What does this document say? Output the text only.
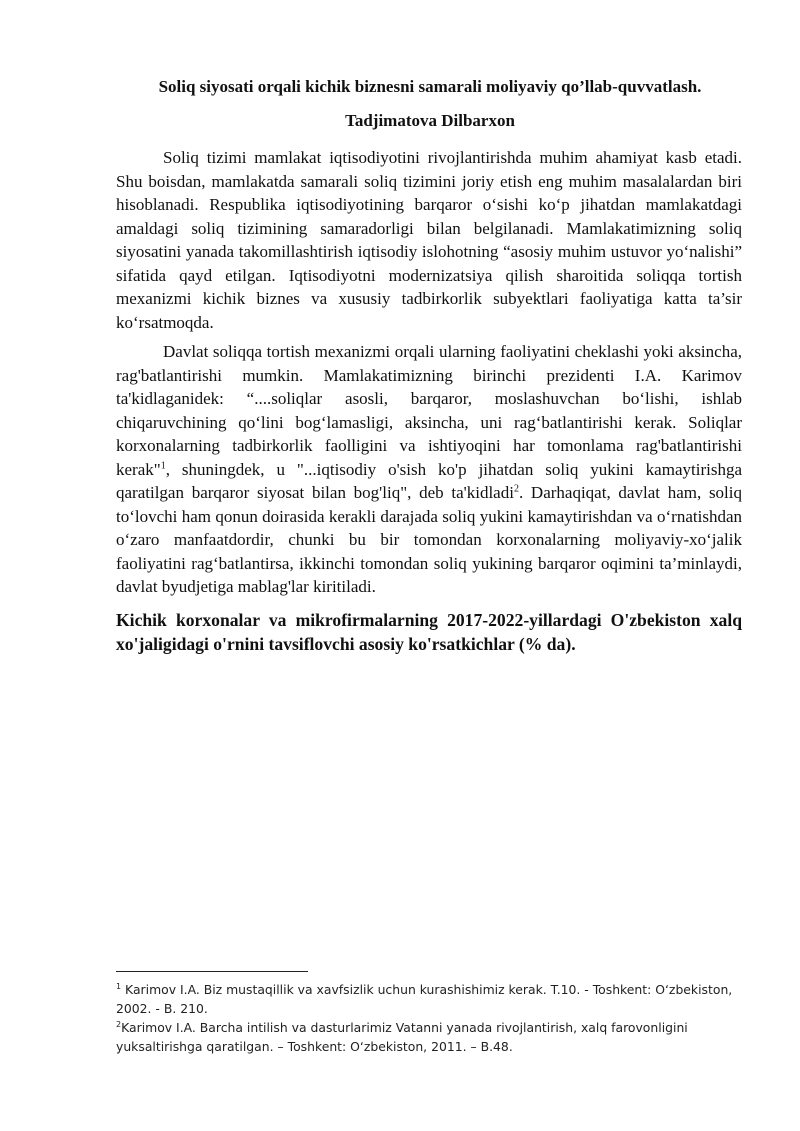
Soliq siyosati orqali kichik biznesni samarali moliyaviy qo’llab-quvvatlash.

Tadjimatova Dilbarxon

Soliq tizimi mamlakat iqtisodiyotini rivojlantirishda muhim ahamiyat kasb etadi. Shu boisdan, mamlakatda samarali soliq tizimini joriy etish eng muhim masalalardan biri hisoblanadi. Respublika iqtisodiyotining barqaror o‘sishi ko‘p jihatdan mamlakatdagi amaldagi soliq tizimining samaradorligi bilan belgilanadi. Mamlakatimizning soliq siyosatini yanada takomillashtirish iqtisodiy islohotning “asosiy muhim ustuvor yo‘nalishi” sifatida qayd etilgan. Iqtisodiyotni modernizatsiya qilish sharoitida soliqqa tortish mexanizmi kichik biznes va xususiy tadbirkorlik subyektlari faoliyatiga katta ta’sir ko‘rsatmoqda.

Davlat soliqqa tortish mexanizmi orqali ularning faoliyatini cheklashi yoki aksincha, rag'batlantirishi mumkin. Mamlakatimizning birinchi prezidenti I.A. Karimov ta'kidlaganidek: “....soliqlar asosli, barqaror, moslashuvchan bo‘lishi, ishlab chiqaruvchining qo‘lini bog‘lamasligi, aksincha, uni rag‘batlantirishi kerak. Soliqlar korxonalarning tadbirkorlik faolligini va ishtiyoqini har tomonlama rag'batlantirishi kerak"$^1$, shuningdek, u "...iqtisodiy o'sish ko'p jihatdan soliq yukini kamaytirishga qaratilgan barqaror siyosat bilan bog'liq", deb ta'kidladi$^2$. Darhaqiqat, davlat ham, soliq to‘lovchi ham qonun doirasida kerakli darajada soliq yukini kamaytirishdan va o‘rnatishdan o‘zaro manfaatdordir, chunki bu bir tomondan korxonalarning moliyaviy-xo‘jalik faoliyatini rag‘batlantirsa, ikkinchi tomondan soliq yukining barqaror oqimini ta’minlaydi, davlat byudjetiga mablag'lar kiritiladi.

Kichik korxonalar va mikrofirmalarning 2017-2022-yillardagi O'zbekiston xalq xo'jaligidagi o'rnini tavsiflovchi asosiy ko'rsatkichlar (% da).

$^1$ Karimov I.A. Biz mustaqillik va xavfsizlik uchun kurashishimiz kerak. T.10. - Toshkent: O‘zbekiston, 2002. - B. 210.

$^2$Karimov I.A. Barcha intilish va dasturlarimiz Vatanni yanada rivojlantirish, xalq farovonligini yuksaltirishga qaratilgan. – Toshkent: O‘zbekiston, 2011. – B.48.
